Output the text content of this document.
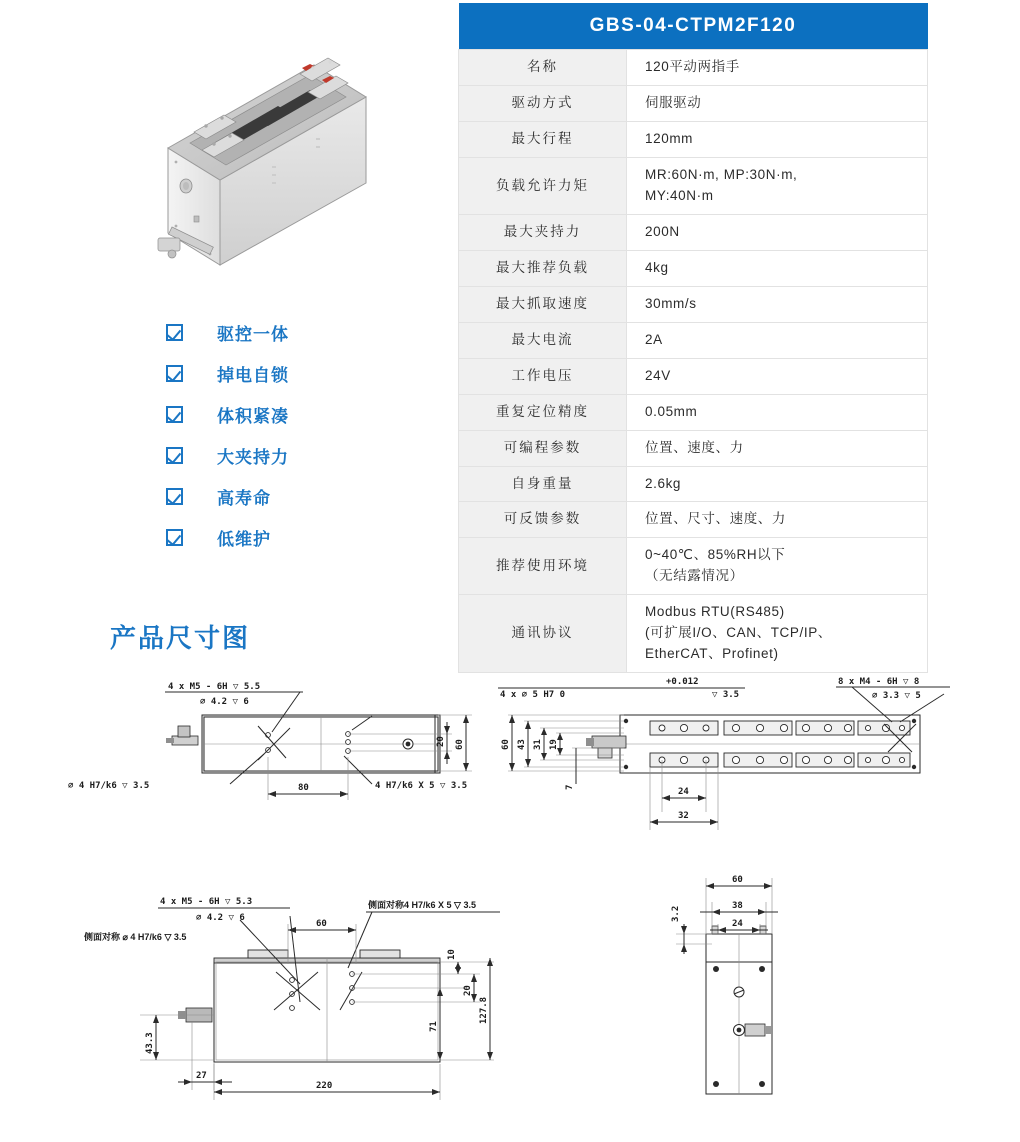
驱控一体
掉电自锁
体积紧凑
大夹持力
高寿命
低维护
GBS-04-CTPM2F120	
名称	120平动两指手

驱动方式	伺服驱动

最大行程	120mm

负载允许力矩	MR:60N·m, MP:30N·m,
MY:40N·m

最大夹持力	200N

最大推荐负载	4kg

最大抓取速度	30mm/s

最大电流	2A

工作电压	24V

重复定位精度	0.05mm

可编程参数	位置、速度、力

自身重量	2.6kg

可反馈参数	位置、尺寸、速度、力

推荐使用环境	0~40℃、85%RH以下
（无结露情况）

通讯协议	Modbus RTU(RS485)
(可扩展I/O、CAN、TCP/IP、
EtherCAT、Profinet)
产品尺寸图
4 x M5 - 6H ▽ 5.5
⌀ 4.2 ▽ 6
⌀ 4 H7/k6 ▽ 3.5	4 H7/k6 X 5 ▽ 3.5
80
20 60
+0.012
4 x ⌀ 5 H7 0	▽ 3.5
8 x M4 - 6H ▽ 8
⌀ 3.3 ▽ 5
60 43 31 19
7	24
32
4 x M5 - 6H ▽ 5.3
⌀ 4.2 ▽ 6
侧面对称 ⌀ 4 H7/k6 ▽ 3.5
侧面对称4 H7/k6 X 5 ▽ 3.5
60
10
20
71
127.8
43.3
27
220
60
38
24
3.2
